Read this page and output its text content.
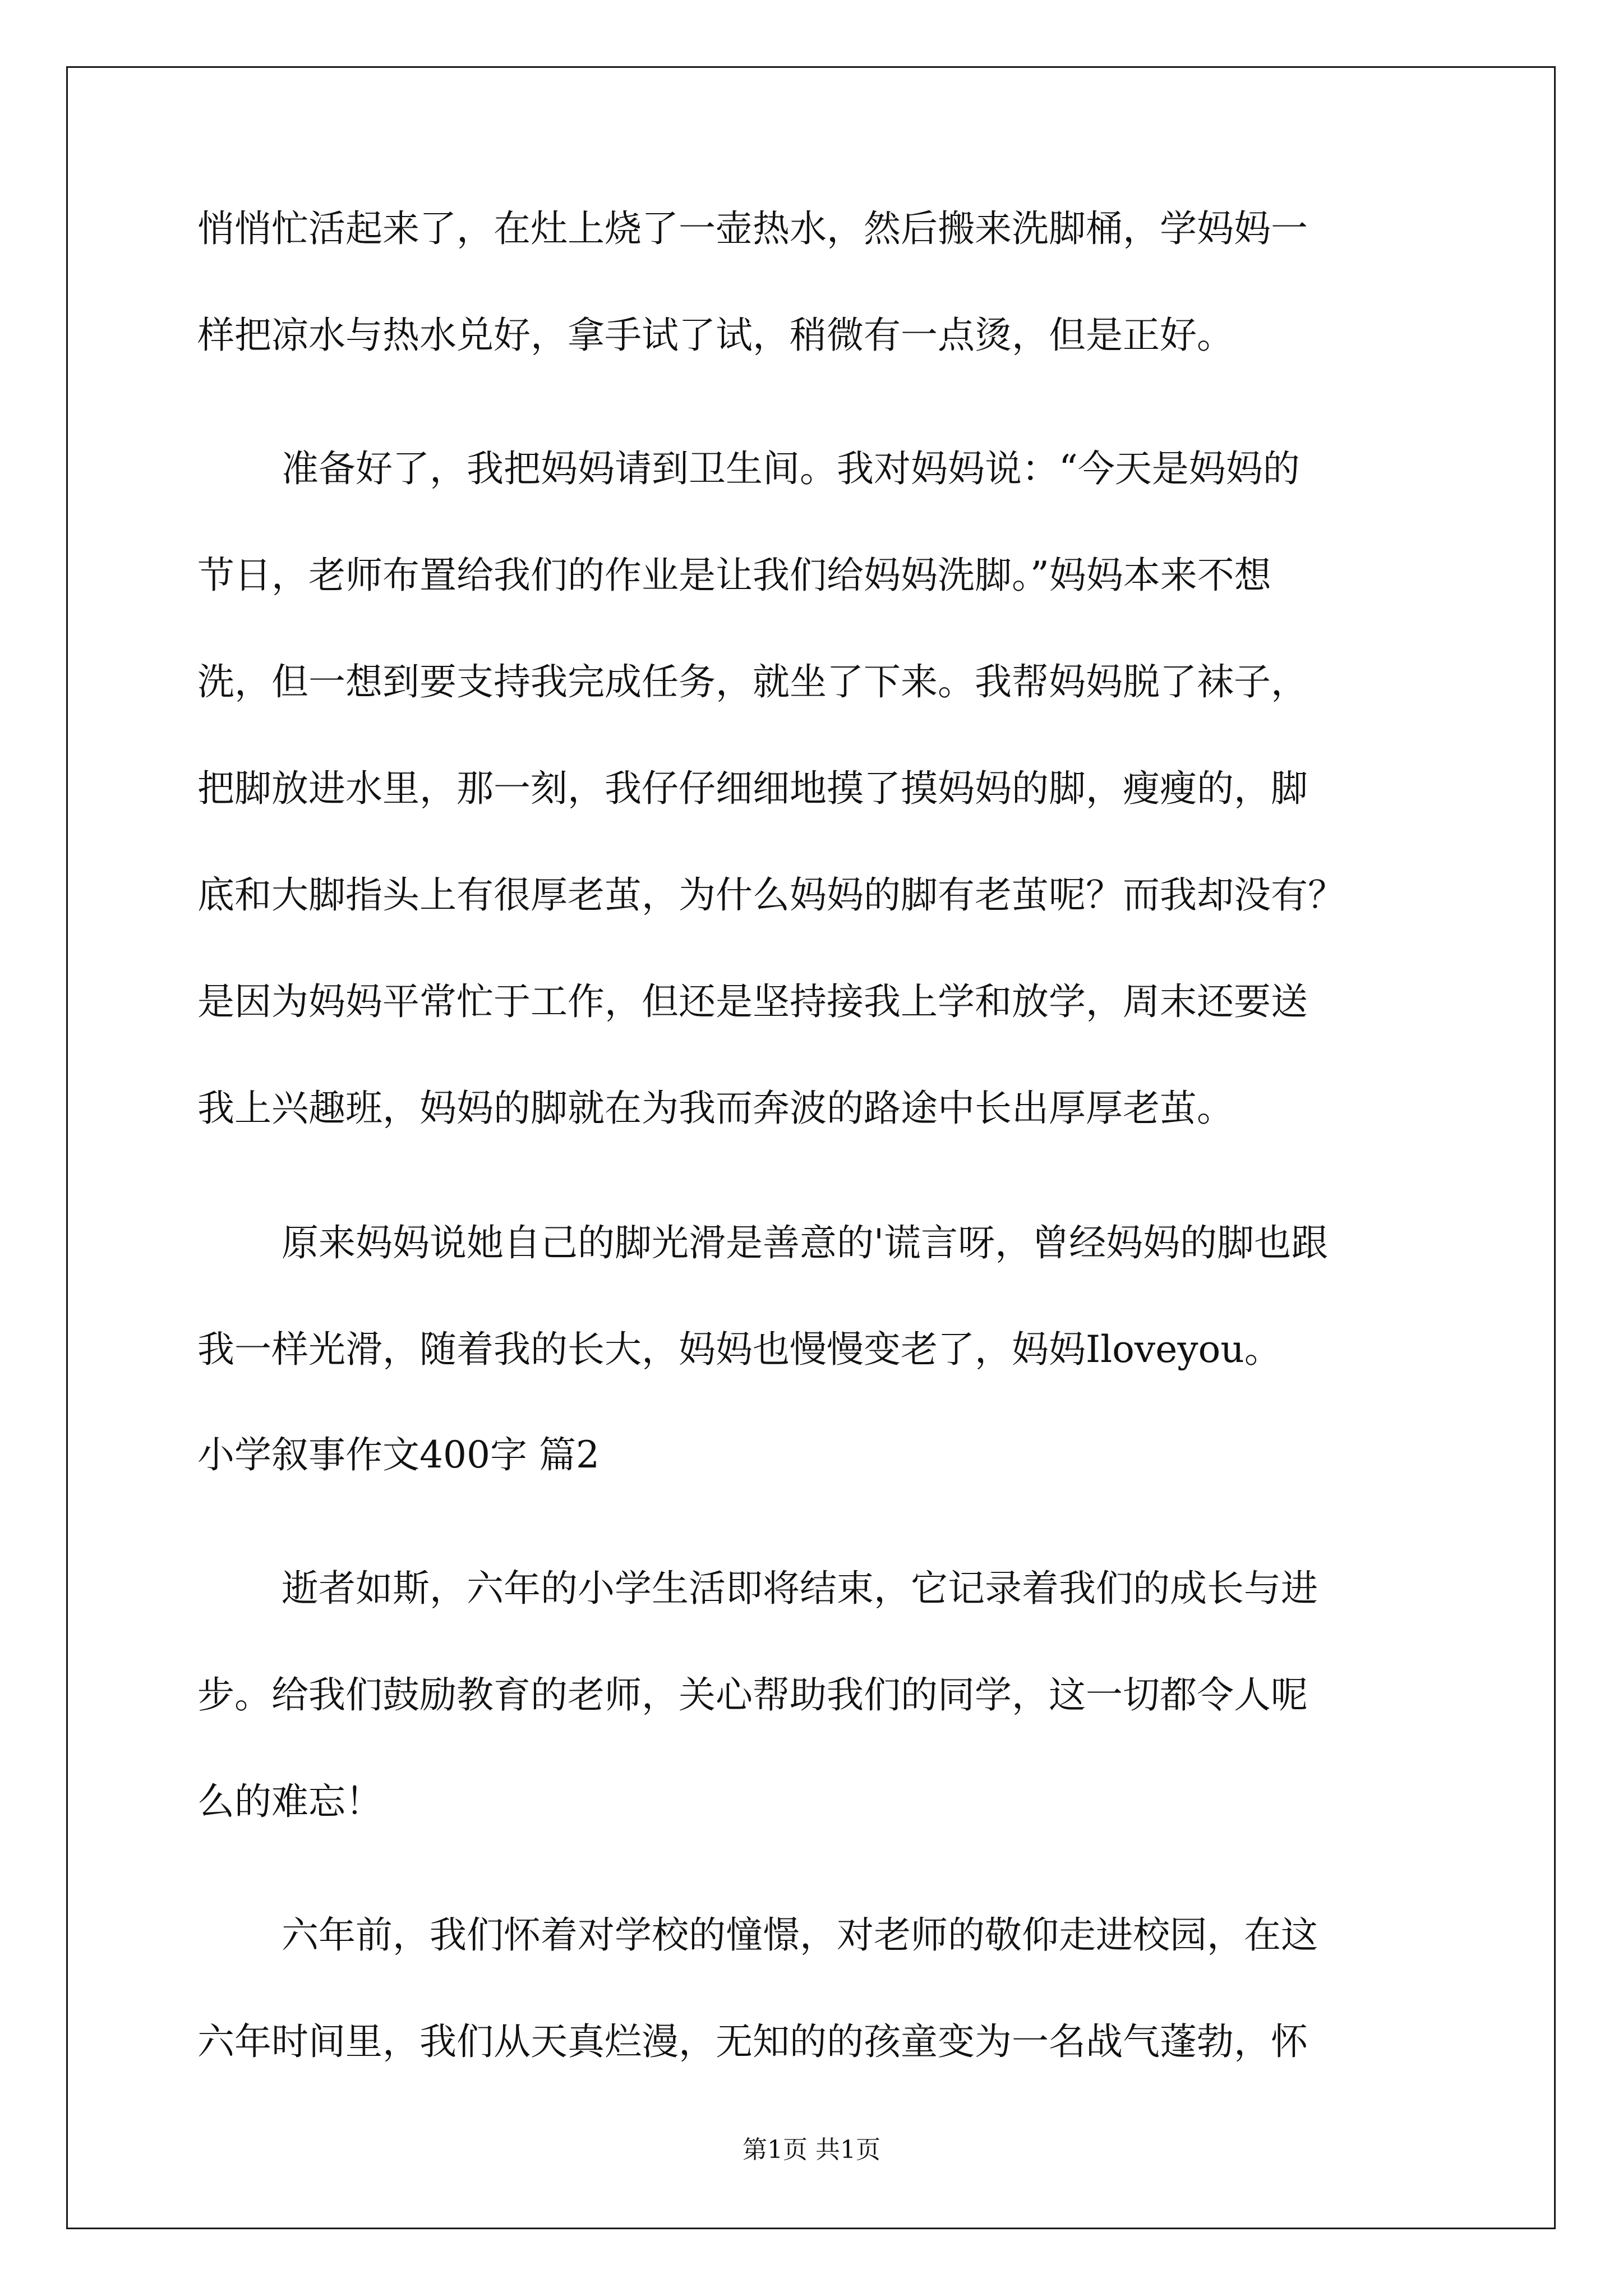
悄悄忙活起来了，在灶上烧了一壶热水，然后搬来洗脚桶，学妈妈一
样把凉水与热水兑好，拿手试了试，稍微有一点烫，但是正好。
准备好了，我把妈妈请到卫生间。我对妈妈说：“今天是妈妈的
节日，老师布置给我们的作业是让我们给妈妈洗脚。”妈妈本来不想
洗，但一想到要支持我完成任务，就坐了下来。我帮妈妈脱了袜子，
把脚放进水里，那一刻，我仔仔细细地摸了摸妈妈的脚，瘦瘦的，脚
底和大脚指头上有很厚老茧，为什么妈妈的脚有老茧呢？而我却没有？
是因为妈妈平常忙于工作，但还是坚持接我上学和放学，周末还要送
我上兴趣班，妈妈的脚就在为我而奔波的路途中长出厚厚老茧。
原来妈妈说她自己的脚光滑是善意的'谎言呀，曾经妈妈的脚也跟
我一样光滑，随着我的长大，妈妈也慢慢变老了，妈妈Iloveyou。
小学叙事作文400字 篇2
逝者如斯，六年的小学生活即将结束，它记录着我们的成长与进
步。给我们鼓励教育的老师，关心帮助我们的同学，这一切都令人呢
么的难忘！
六年前，我们怀着对学校的憧憬，对老师的敬仰走进校园，在这
六年时间里，我们从天真烂漫，无知的的孩童变为一名战气蓬勃，怀
第1页 共1页
